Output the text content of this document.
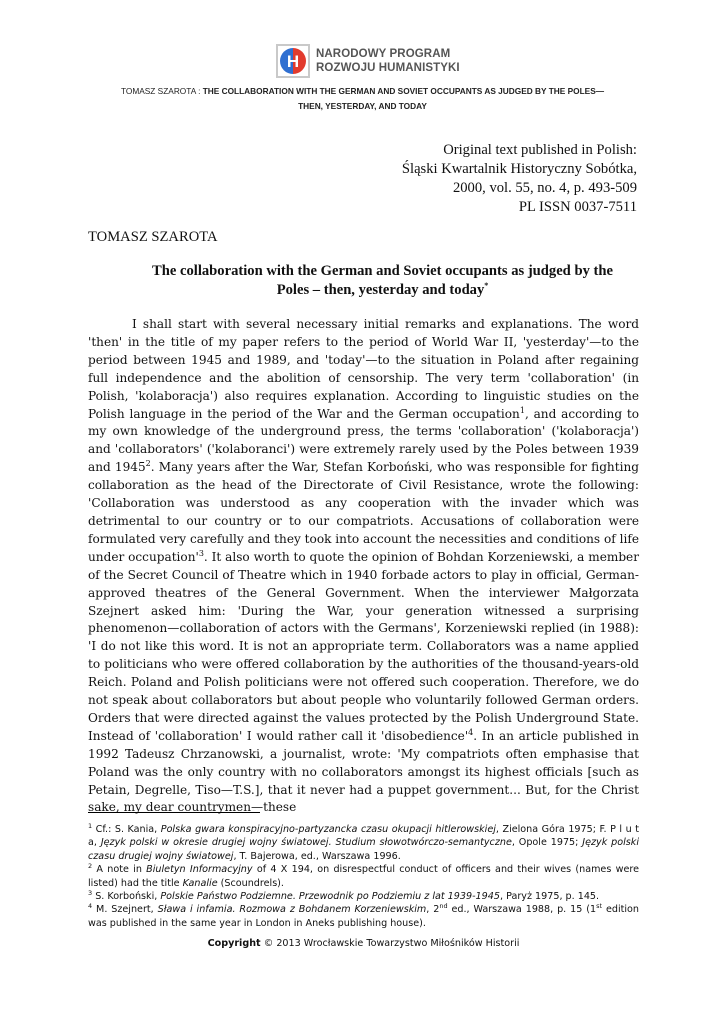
H NARODOWY PROGRAM
ROZWOJU HUMANISTYKI
TOMASZ SZAROTA : THE COLLABORATION WITH THE GERMAN AND SOVIET OCCUPANTS AS JUDGED BY THE POLES—
THEN, YESTERDAY, AND TODAY
Original text published in Polish:
Śląski Kwartalnik Historyczny Sobótka,
2000, vol. 55, no. 4, p. 493-509
PL ISSN 0037-7511
TOMASZ SZAROTA
The collaboration with the German and Soviet occupants as judged by the
Poles – then, yesterday and today*
I shall start with several necessary initial remarks and explanations. The word 'then' in the title of my paper refers to the period of World War II, 'yesterday'—to the period between 1945 and 1989, and 'today'—to the situation in Poland after regaining full independence and the abolition of censorship. The very term 'collaboration' (in Polish, 'kolaboracja') also requires explanation. According to linguistic studies on the Polish language in the period of the War and the German occupation$^1$, and according to my own knowledge of the underground press, the terms 'collaboration' ('kolaboracja') and 'collaborators' ('kolaboranci') were extremely rarely used by the Poles between 1939 and 1945$^2$. Many years after the War, Stefan Korboński, who was responsible for fighting collaboration as the head of the Directorate of Civil Resistance, wrote the following: 'Collaboration was understood as any cooperation with the invader which was detrimental to our country or to our compatriots. Accusations of collaboration were formulated very carefully and they took into account the necessities and conditions of life under $occupation'^3$. It also worth to quote the opinion of Bohdan Korzeniewski, a member of the Secret Council of Theatre which in 1940 forbade actors to play in official, German-approved theatres of the General Government. When the interviewer Małgorzata Szejnert asked him: 'During the War, your generation witnessed a surprising phenomenon—collaboration of actors with the Germans', Korzeniewski replied (in 1988): 'I do not like this word. It is not an appropriate term. Collaborators was a name applied to politicians who were offered collaboration by the authorities of the thousand-years-old Reich. Poland and Polish politicians were not offered such cooperation. Therefore, we do not speak about collaborators but about people who voluntarily followed German orders. Orders that were directed against the values protected by the Polish Underground State. Instead of 'collaboration' I would rather call it '$disobedience'^4$. In an article published in 1992 Tadeusz Chrzanowski, a journalist, wrote: 'My compatriots often emphasise that Poland was the only country with no collaborators amongst its highest officials [such as Petain, Degrelle, Tiso—T.S.], that it never had a puppet government... But, for the Christ sake, my dear countrymen—these

$^1$ Cf.: S. Kania, Polska gwara konspiracyjno-partyzancka czasu okupacji hitlerowskiej, Zielona Góra 1975; F. P l u t a, Język polski w okresie drugiej wojny światowej. Studium słowotwórczo-semantyczne, Opole 1975; Język polski czasu drugiej wojny światowej, T. Bajerowa, ed., Warszawa 1996.

$^2$ A note in Biuletyn Informacyjny of 4 X 194, on disrespectful conduct of officers and their wives (names were listed) had the title Kanalie (Scoundrels).

$^3$ S. Korboński, Polskie Państwo Podziemne. Przewodnik po Podziemiu z lat 1939-1945, Paryż 1975, p. 145.

$^4$ M. Szejnert, Sława i infamia. Rozmowa z Bohdanem Korzeniewskim, 2nd ed., Warszawa 1988, p. 15 (1st edition was published in the same year in London in Aneks publishing house).

Copyright © 2013 Wrocławskie Towarzystwo Miłośników Historii
